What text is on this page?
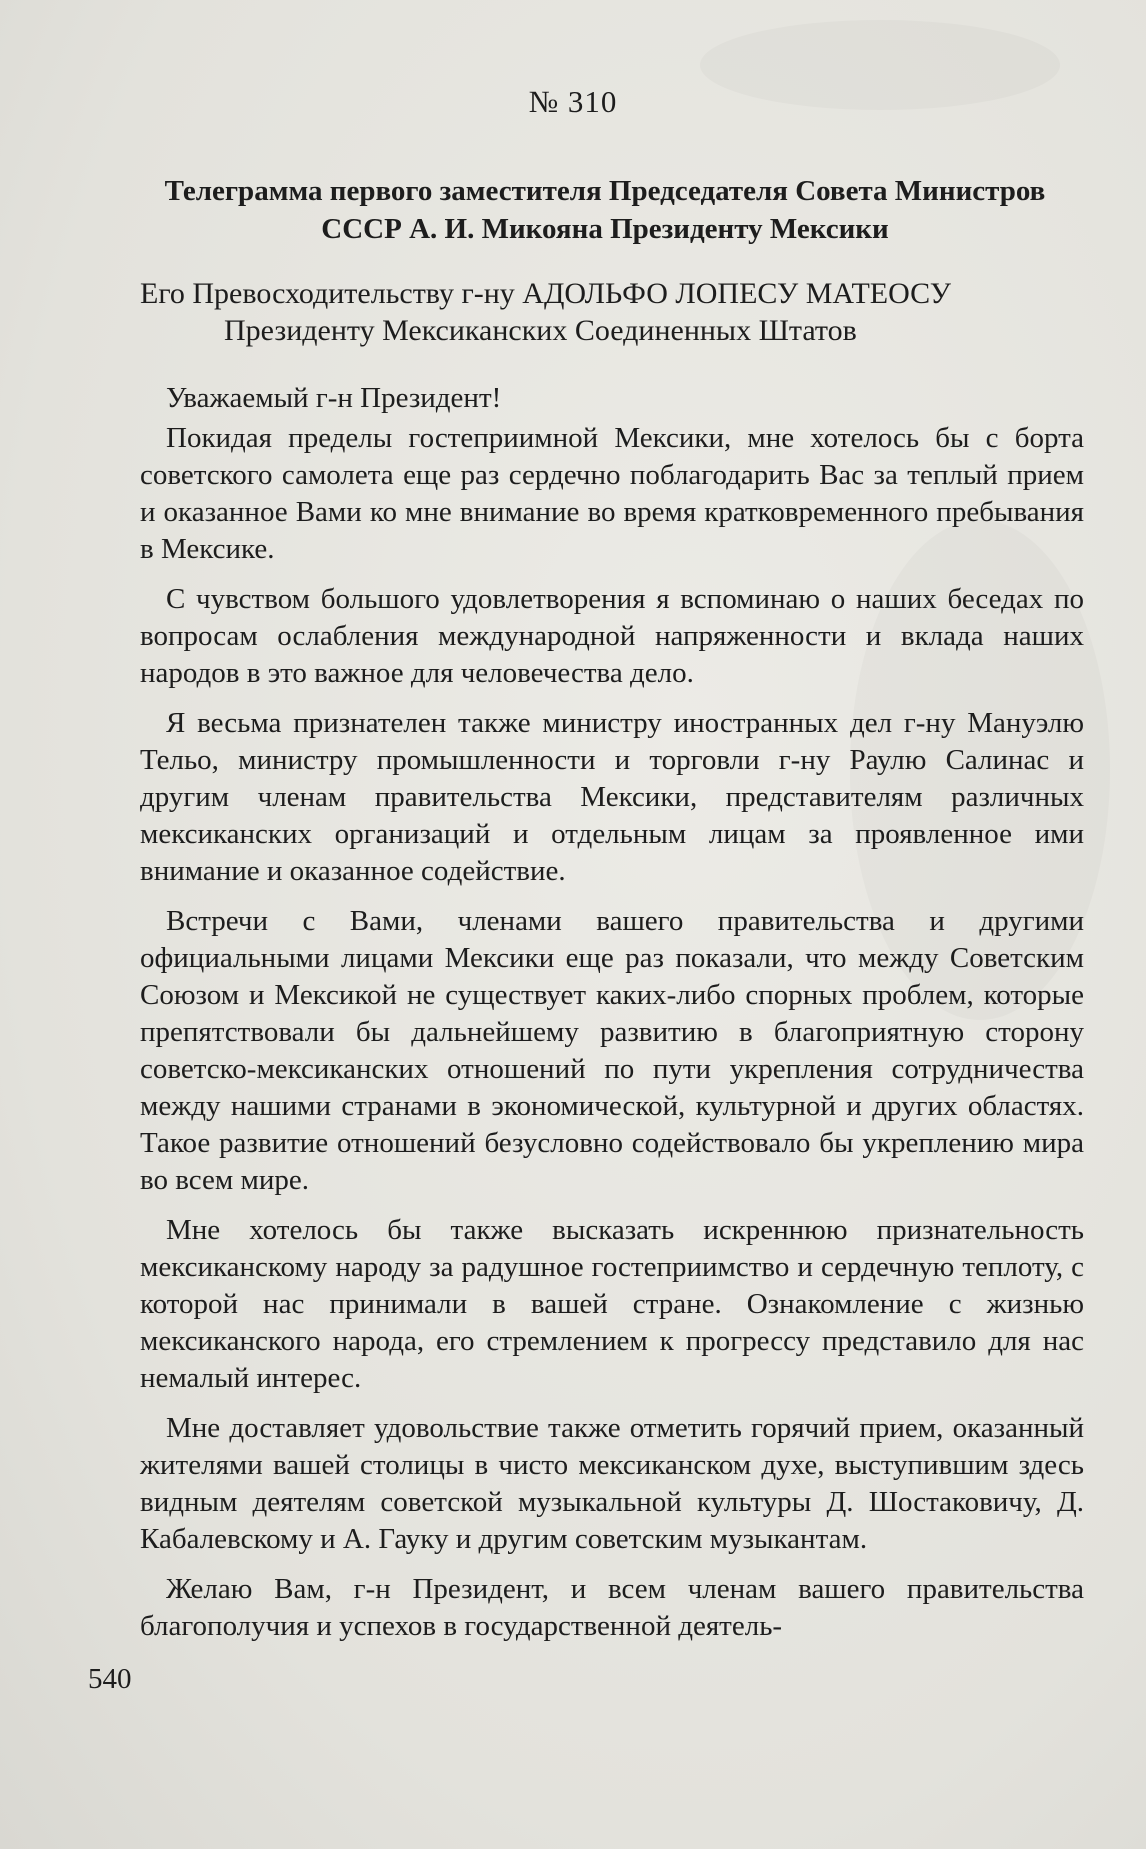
№ 310
Телеграмма первого заместителя Председателя Совета Министров СССР А. И. Микояна Президенту Мексики
Его Превосходительству г-ну АДОЛЬФО ЛОПЕСУ МАТЕОСУ
Президенту Мексиканских Соединенных Штатов
Уважаемый г-н Президент!

Покидая пределы гостеприимной Мексики, мне хотелось бы с борта советского самолета еще раз сердечно поблагодарить Вас за теплый прием и оказанное Вами ко мне внимание во время кратковременного пребывания в Мексике.

С чувством большого удовлетворения я вспоминаю о наших беседах по вопросам ослабления международной напряженности и вклада наших народов в это важное для человечества дело.

Я весьма признателен также министру иностранных дел г-ну Мануэлю Тельо, министру промышленности и торговли г-ну Раулю Салинас и другим членам правительства Мексики, представителям различных мексиканских организаций и отдельным лицам за проявленное ими внимание и оказанное содействие.

Встречи с Вами, членами вашего правительства и другими официальными лицами Мексики еще раз показали, что между Советским Союзом и Мексикой не существует каких-либо спорных проблем, которые препятствовали бы дальнейшему развитию в благоприятную сторону советско-мексиканских отношений по пути укрепления сотрудничества между нашими странами в экономической, культурной и других областях. Такое развитие отношений безусловно содействовало бы укреплению мира во всем мире.

Мне хотелось бы также высказать искреннюю признательность мексиканскому народу за радушное гостеприимство и сердечную теплоту, с которой нас принимали в вашей стране. Ознакомление с жизнью мексиканского народа, его стремлением к прогрессу представило для нас немалый интерес.

Мне доставляет удовольствие также отметить горячий прием, оказанный жителями вашей столицы в чисто мексиканском духе, выступившим здесь видным деятелям советской музыкальной культуры Д. Шостаковичу, Д. Кабалевскому и А. Гауку и другим советским музыкантам.

Желаю Вам, г-н Президент, и всем членам вашего правительства благополучия и успехов в государственной деятель-

540
